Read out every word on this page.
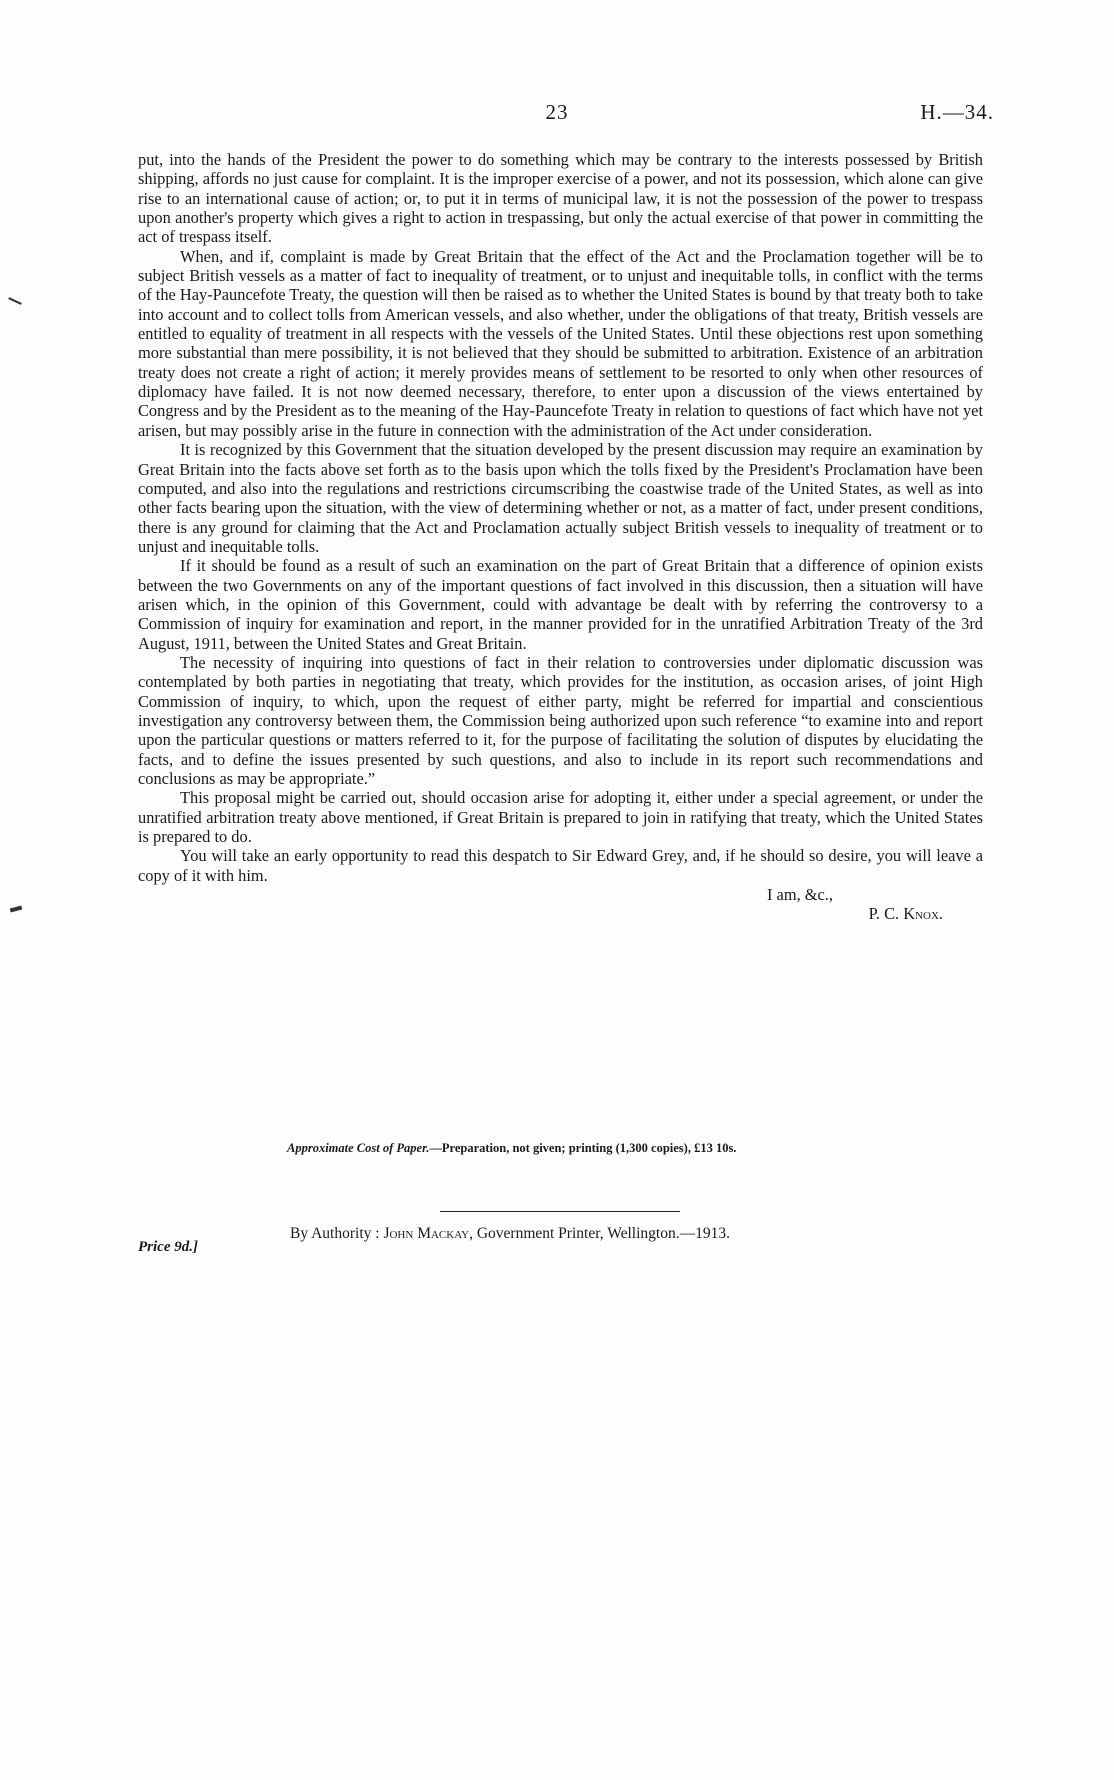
23	H.—34.

put, into the hands of the President the power to do something which may be contrary to the interests possessed by British shipping, affords no just cause for complaint. It is the improper exercise of a power, and not its possession, which alone can give rise to an international cause of action; or, to put it in terms of municipal law, it is not the possession of the power to trespass upon another's property which gives a right to action in trespassing, but only the actual exercise of that power in committing the act of trespass itself.

When, and if, complaint is made by Great Britain that the effect of the Act and the Proclamation together will be to subject British vessels as a matter of fact to inequality of treatment, or to unjust and inequitable tolls, in conflict with the terms of the Hay-Pauncefote Treaty, the question will then be raised as to whether the United States is bound by that treaty both to take into account and to collect tolls from American vessels, and also whether, under the obligations of that treaty, British vessels are entitled to equality of treatment in all respects with the vessels of the United States. Until these objections rest upon something more substantial than mere possibility, it is not believed that they should be submitted to arbitration. Existence of an arbitration treaty does not create a right of action; it merely provides means of settlement to be resorted to only when other resources of diplomacy have failed. It is not now deemed necessary, therefore, to enter upon a discussion of the views entertained by Congress and by the President as to the meaning of the Hay-Pauncefote Treaty in relation to questions of fact which have not yet arisen, but may possibly arise in the future in connection with the administration of the Act under consideration.

It is recognized by this Government that the situation developed by the present discussion may require an examination by Great Britain into the facts above set forth as to the basis upon which the tolls fixed by the President's Proclamation have been computed, and also into the regulations and restrictions circumscribing the coastwise trade of the United States, as well as into other facts bearing upon the situation, with the view of determining whether or not, as a matter of fact, under present conditions, there is any ground for claiming that the Act and Proclamation actually subject British vessels to inequality of treatment or to unjust and inequitable tolls.

If it should be found as a result of such an examination on the part of Great Britain that a difference of opinion exists between the two Governments on any of the important questions of fact involved in this discussion, then a situation will have arisen which, in the opinion of this Government, could with advantage be dealt with by referring the controversy to a Commission of inquiry for examination and report, in the manner provided for in the unratified Arbitration Treaty of the 3rd August, 1911, between the United States and Great Britain.

The necessity of inquiring into questions of fact in their relation to controversies under diplomatic discussion was contemplated by both parties in negotiating that treaty, which provides for the institution, as occasion arises, of joint High Commission of inquiry, to which, upon the request of either party, might be referred for impartial and conscientious investigation any controversy between them, the Commission being authorized upon such reference “to examine into and report upon the particular questions or matters referred to it, for the purpose of facilitating the solution of disputes by elucidating the facts, and to define the issues presented by such questions, and also to include in its report such recommendations and conclusions as may be appropriate.”

This proposal might be carried out, should occasion arise for adopting it, either under a special agreement, or under the unratified arbitration treaty above mentioned, if Great Britain is prepared to join in ratifying that treaty, which the United States is prepared to do.

You will take an early opportunity to read this despatch to Sir Edward Grey, and, if he should so desire, you will leave a copy of it with him.

I am, &c.,
P. C. Knox.
Approximate Cost of Paper.—Preparation, not given; printing (1,300 copies), £13 10s.
Price 9d.]
By Authority : John Mackay, Government Printer, Wellington.—1913.
